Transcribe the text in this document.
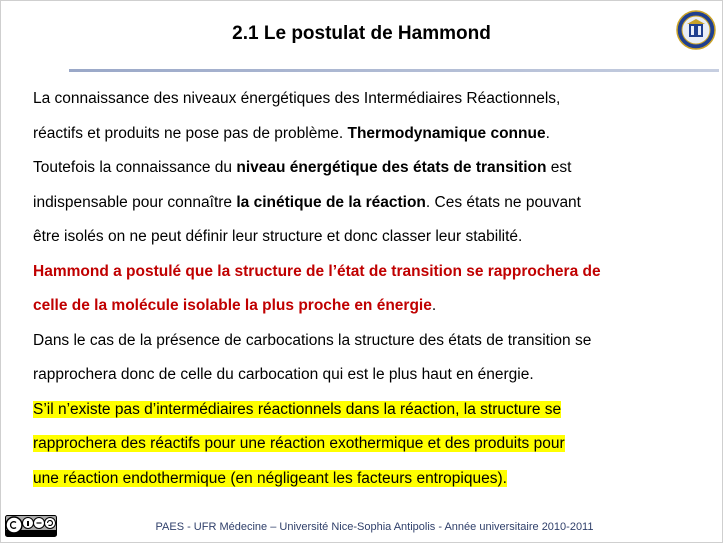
2.1 Le postulat de Hammond
La connaissance des niveaux énergétiques des Intermédiaires Réactionnels,
réactifs et produits ne pose pas de problème. Thermodynamique connue.
Toutefois la connaissance du niveau énergétique des états de transition est
indispensable pour connaître la cinétique de la réaction. Ces états ne pouvant
être isolés on ne peut définir leur structure et donc classer leur stabilité.
Hammond a postulé que la structure de l’état de transition se rapprochera de
celle de la molécule isolable la plus proche en énergie.
Dans le cas de la présence de carbocations la structure des états de transition se
rapprochera donc de celle du carbocation qui est le plus haut en énergie.
S’il n’existe pas d’intermédiaires réactionnels dans la réaction, la structure se
rapprochera des réactifs pour une réaction exothermique et des produits pour
une réaction endothermique (en négligeant les facteurs entropiques).
PAES - UFR Médecine – Université Nice-Sophia Antipolis - Année universitaire 2010-2011
